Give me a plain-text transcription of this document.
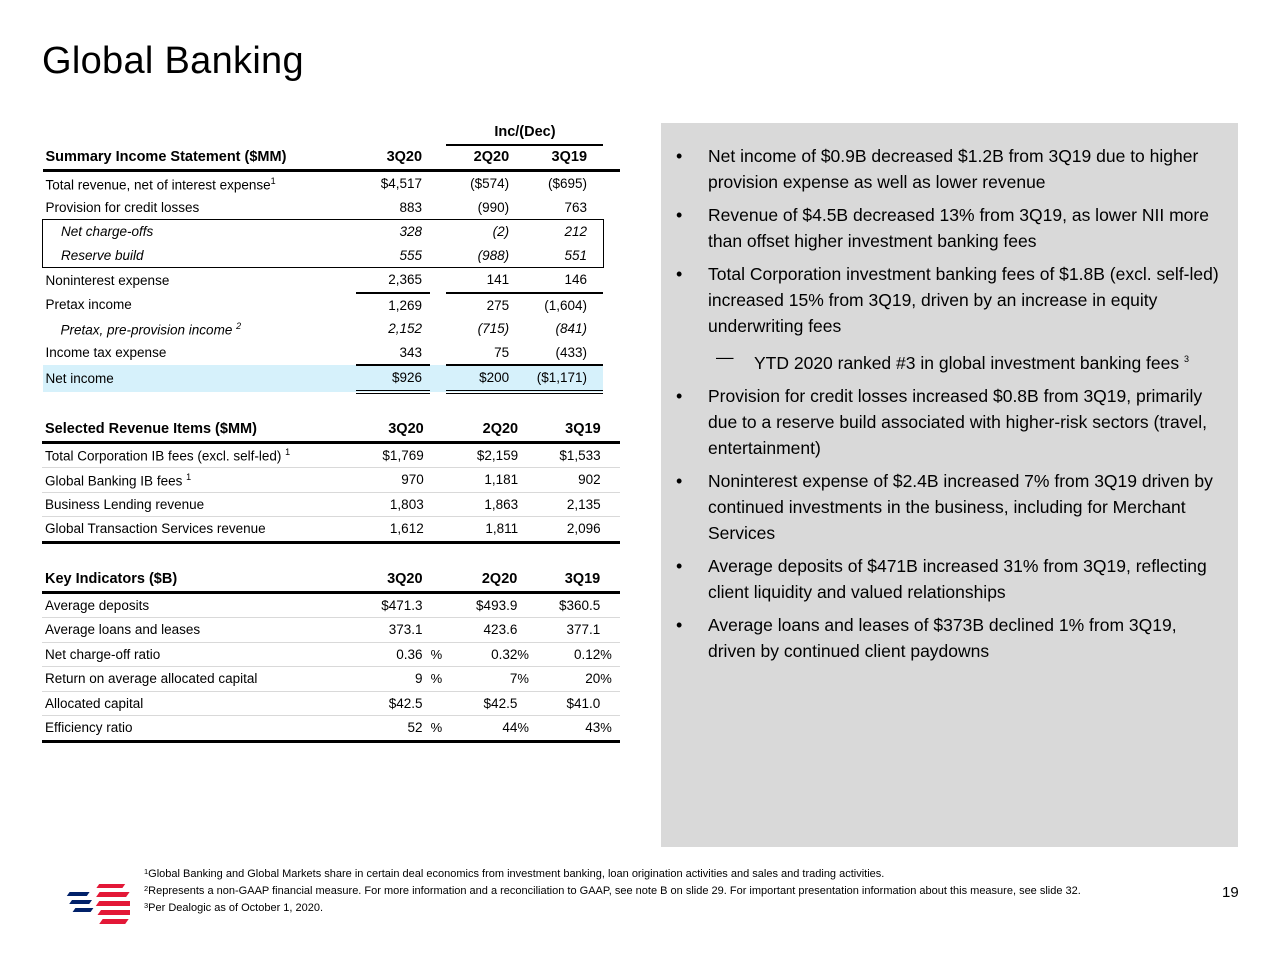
Global Banking
			Inc/(Dec)				
Summary Income Statement ($MM)	3Q20		2Q20		3Q19		
Total revenue, net of interest expense$^1$	$4,517		($574)		($695)		
Provision for credit losses	883		(990)		763		
Net charge-offs	328		(2)		212		
Reserve build	555		(988)		551		
Noninterest expense	2,365		141		146		
Pretax income	1,269		275		(1,604)		
Pretax, pre-provision income $^2$	2,152		(715)		(841)		
Income tax expense	343		75		(433)		
Net income	$926		$200		($1,171)		

Selected Revenue Items ($MM)	3Q20		2Q20		3Q19		
Total Corporation IB fees (excl. self-led) $^1$	$1,769		$2,159		$1,533		
Global Banking IB fees $^1$	970		1,181		902		
Business Lending revenue	1,803		1,863		2,135		
Global Transaction Services revenue	1,612		1,811		2,096		

Key Indicators ($B)	3Q20		2Q20		3Q19		
Average deposits	$471.3		$493.9		$360.5		
Average loans and leases	373.1		423.6		377.1		
Net charge-off ratio	0.36	%	0.32	%	0.12	%	
Return on average allocated capital	9	%	7	%	20	%	
Allocated capital	$42.5		$42.5		$41.0		
Efficiency ratio	52	%	44	%	43	%	
• Net income of $0.9B decreased $1.2B from 3Q19 due to higher provision expense as well as lower revenue
• Revenue of $4.5B decreased 13% from 3Q19, as lower NII more than offset higher investment banking fees
• Total Corporation investment banking fees of $1.8B (excl. self-led) increased 15% from 3Q19, driven by an increase in equity underwriting fees
— YTD 2020 ranked #3 in global investment banking fees $^3$
• Provision for credit losses increased $0.8B from 3Q19, primarily due to a reserve build associated with higher-risk sectors (travel, entertainment)
• Noninterest expense of $2.4B increased 7% from 3Q19 driven by continued investments in the business, including for Merchant Services
• Average deposits of $471B increased 31% from 3Q19, reflecting client liquidity and valued relationships
• Average loans and leases of $373B declined 1% from 3Q19, driven by continued client paydowns
$^1$Global Banking and Global Markets share in certain deal economics from investment banking, loan origination activities and sales and trading activities.
$^2$Represents a non-GAAP financial measure. For more information and a reconciliation to GAAP, see note B on slide 29. For important presentation information about this measure, see slide 32.
$^3$Per Dealogic as of October 1, 2020.
19
